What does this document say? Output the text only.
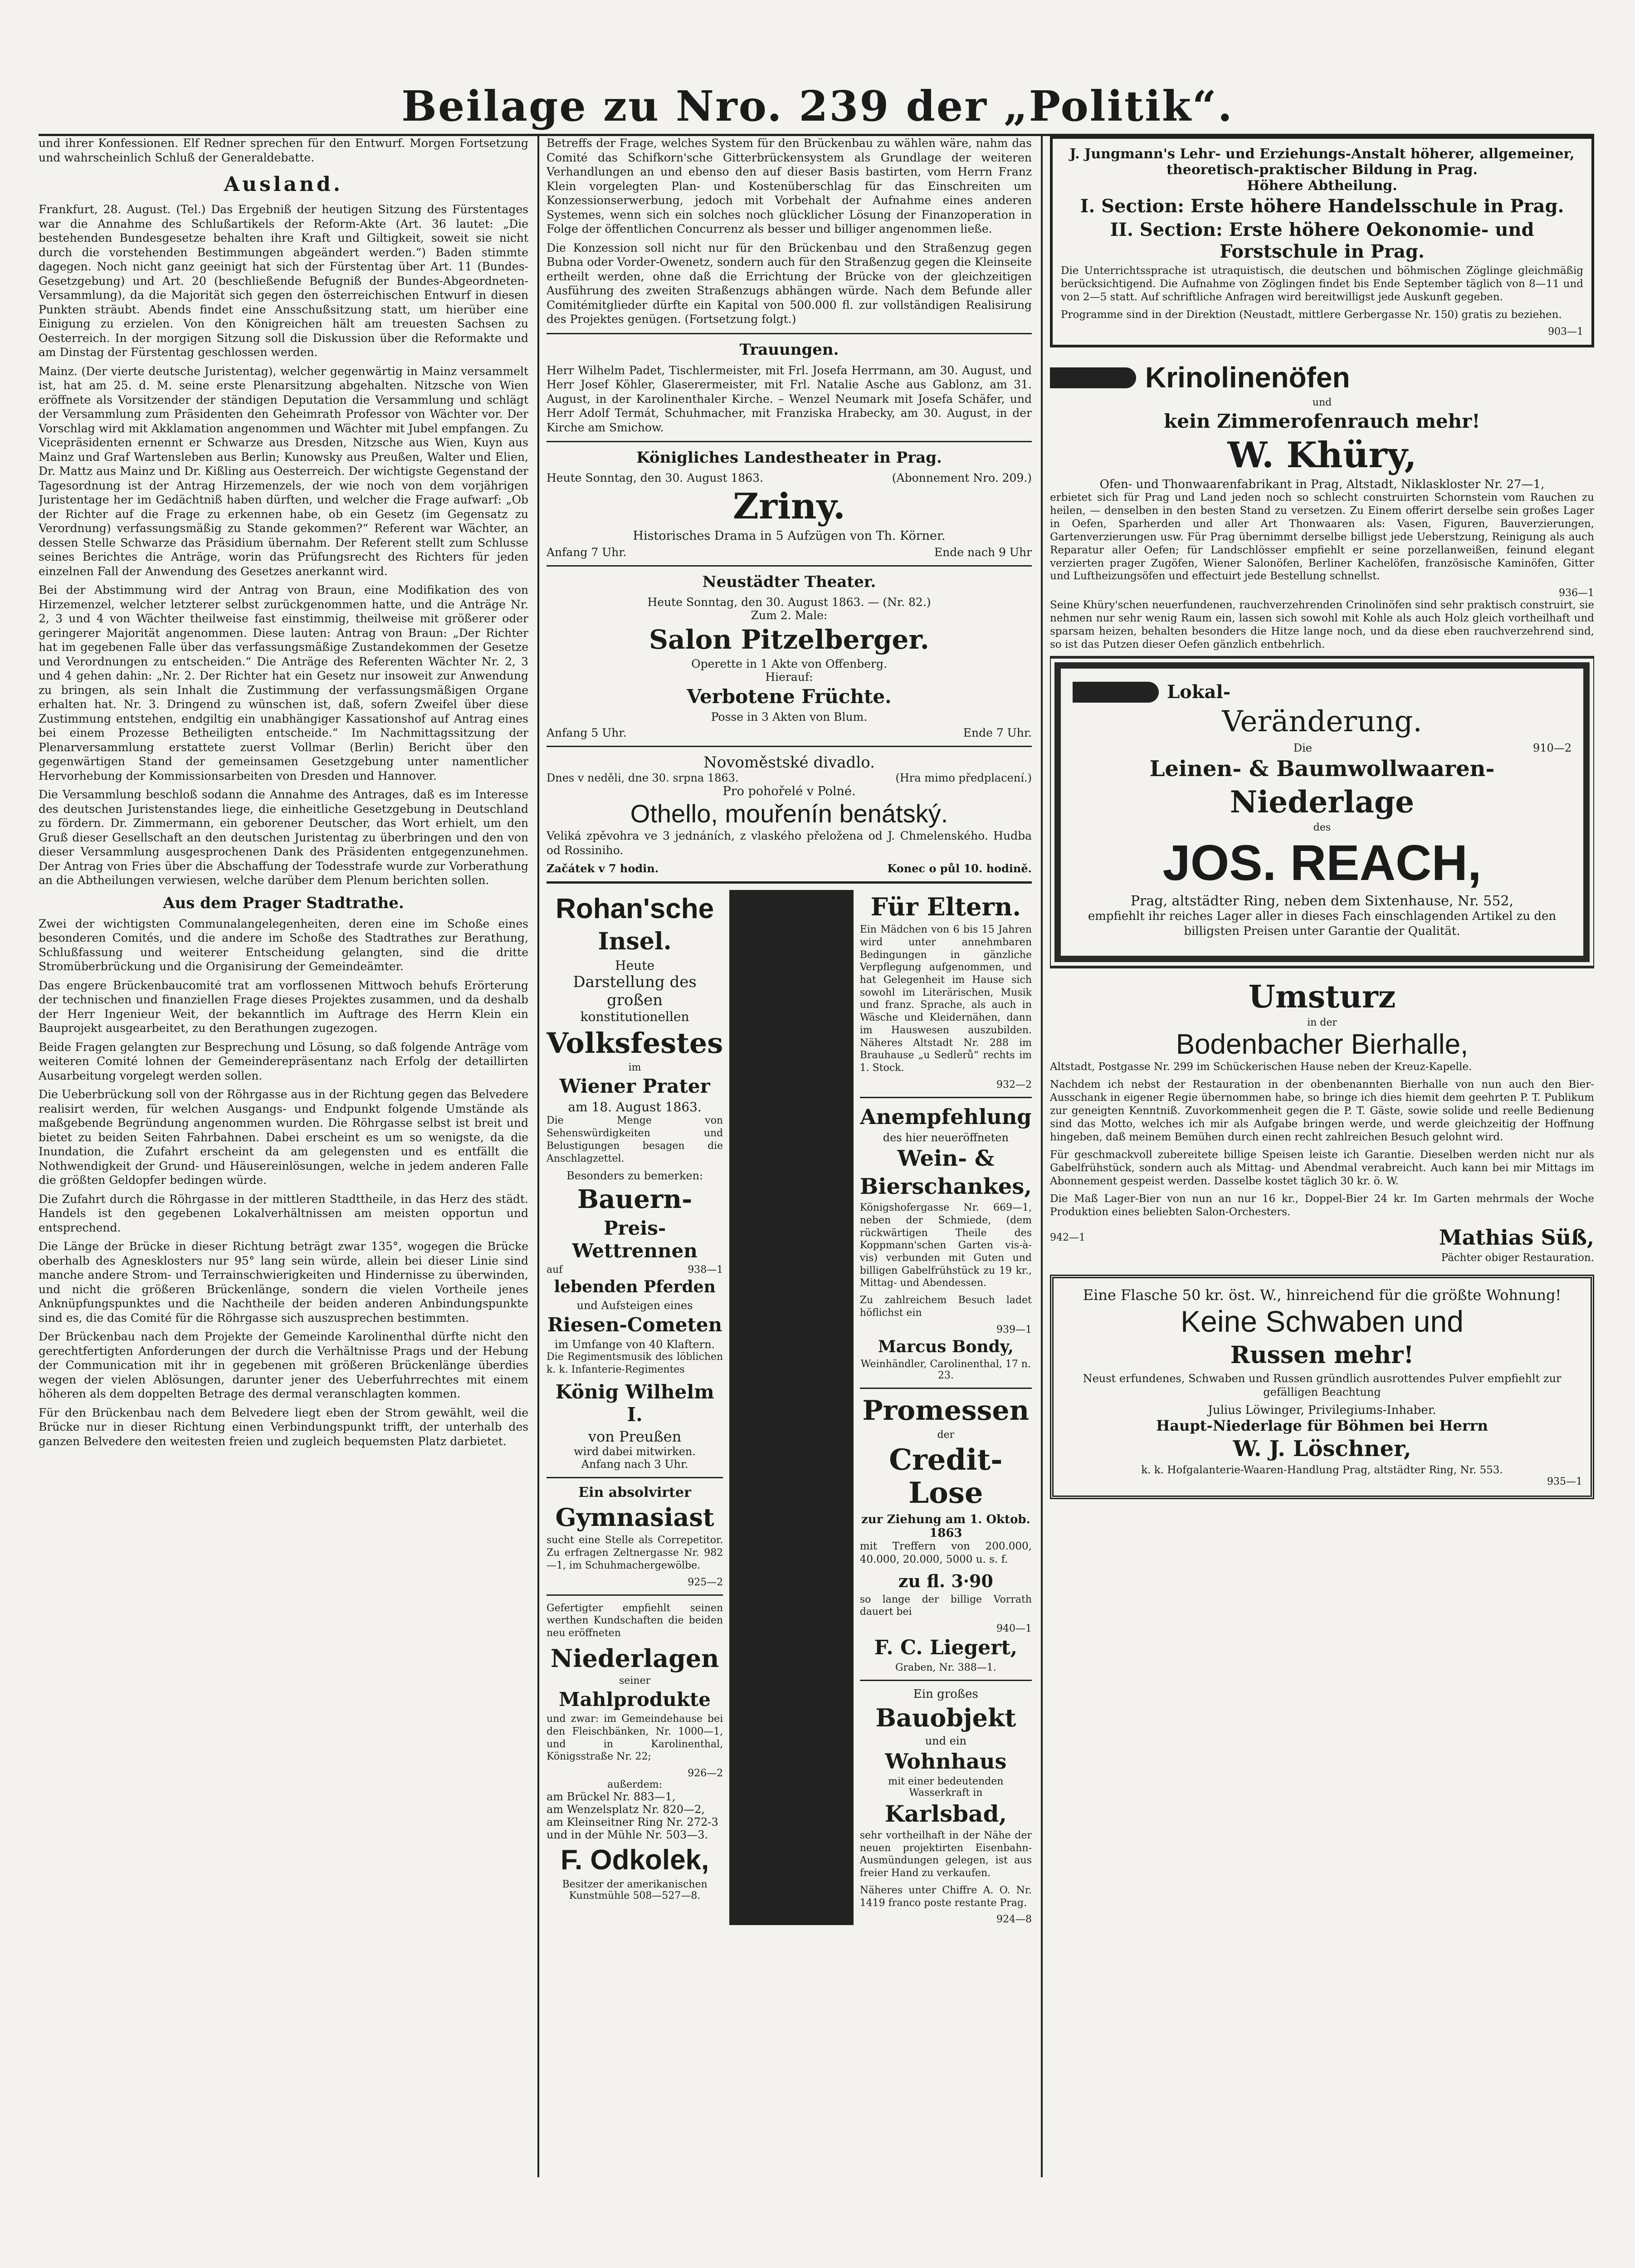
Beilage zu Nro. 239 der „Politik“.

und ihrer Konfessionen. Elf Redner sprechen für den Entwurf. Morgen Fortsetzung und wahrscheinlich Schluß der Generaldebatte.

Ausland.

Frankfurt, 28. August. (Tel.) Das Ergebniß der heutigen Sitzung des Fürstentages war die Annahme des Schlußartikels der Reform-Akte (Art. 36 lautet: „Die bestehenden Bundesgesetze behalten ihre Kraft und Giltigkeit, soweit sie nicht durch die vorstehenden Bestimmungen abgeändert werden.“) Baden stimmte dagegen. Noch nicht ganz geeinigt hat sich der Fürstentag über Art. 11 (Bundes-Gesetzgebung) und Art. 20 (beschließende Befugniß der Bundes-Abgeordneten-Versammlung), da die Majorität sich gegen den österreichischen Entwurf in diesen Punkten sträubt. Abends findet eine Ansschußsitzung statt, um hierüber eine Einigung zu erzielen. Von den Königreichen hält am treuesten Sachsen zu Oesterreich. In der morgigen Sitzung soll die Diskussion über die Reformakte und am Dinstag der Fürstentag geschlossen werden.

Mainz. (Der vierte deutsche Juristentag), welcher gegenwärtig in Mainz versammelt ist, hat am 25. d. M. seine erste Plenarsitzung abgehalten. Nitzsche von Wien eröffnete als Vorsitzender der ständigen Deputation die Versammlung und schlägt der Versammlung zum Präsidenten den Geheimrath Professor von Wächter vor. Der Vorschlag wird mit Akklamation angenommen und Wächter mit Jubel empfangen. Zu Vicepräsidenten ernennt er Schwarze aus Dresden, Nitzsche aus Wien, Kuyn aus Mainz und Graf Wartensleben aus Berlin; Kunowsky aus Preußen, Walter und Elien, Dr. Mattz aus Mainz und Dr. Kißling aus Oesterreich. Der wichtigste Gegenstand der Tagesordnung ist der Antrag Hirzemenzels, der wie noch von dem vorjährigen Juristentage her im Gedächtniß haben dürften, und welcher die Frage aufwarf: „Ob der Richter auf die Frage zu erkennen habe, ob ein Gesetz (im Gegensatz zu Verordnung) verfassungsmäßig zu Stande gekommen?“ Referent war Wächter, an dessen Stelle Schwarze das Präsidium übernahm. Der Referent stellt zum Schlusse seines Berichtes die Anträge, worin das Prüfungsrecht des Richters für jeden einzelnen Fall der Anwendung des Gesetzes anerkannt wird.

Bei der Abstimmung wird der Antrag von Braun, eine Modifikation des von Hirzemenzel, welcher letzterer selbst zurückgenommen hatte, und die Anträge Nr. 2, 3 und 4 von Wächter theilweise fast einstimmig, theilweise mit größerer oder geringerer Majorität angenommen. Diese lauten: Antrag von Braun: „Der Richter hat im gegebenen Falle über das verfassungsmäßige Zustandekommen der Gesetze und Verordnungen zu entscheiden.“ Die Anträge des Referenten Wächter Nr. 2, 3 und 4 gehen dahin: „Nr. 2. Der Richter hat ein Gesetz nur insoweit zur Anwendung zu bringen, als sein Inhalt die Zustimmung der verfassungsmäßigen Organe erhalten hat. Nr. 3. Dringend zu wünschen ist, daß, sofern Zweifel über diese Zustimmung entstehen, endgiltig ein unabhängiger Kassationshof auf Antrag eines bei einem Prozesse Betheiligten entscheide.“ Im Nachmittagssitzung der Plenarversammlung erstattete zuerst Vollmar (Berlin) Bericht über den gegenwärtigen Stand der gemeinsamen Gesetzgebung unter namentlicher Hervorhebung der Kommissionsarbeiten von Dresden und Hannover.

Die Versammlung beschloß sodann die Annahme des Antrages, daß es im Interesse des deutschen Juristenstandes liege, die einheitliche Gesetzgebung in Deutschland zu fördern. Dr. Zimmermann, ein geborener Deutscher, das Wort erhielt, um den Gruß dieser Gesellschaft an den deutschen Juristentag zu überbringen und den von dieser Versammlung ausgesprochenen Dank des Präsidenten entgegenzunehmen. Der Antrag von Fries über die Abschaffung der Todesstrafe wurde zur Vorberathung an die Abtheilungen verwiesen, welche darüber dem Plenum berichten sollen.

Aus dem Prager Stadtrathe.

Zwei der wichtigsten Communalangelegenheiten, deren eine im Schoße eines besonderen Comités, und die andere im Schoße des Stadtrathes zur Berathung, Schlußfassung und weiterer Entscheidung gelangten, sind die dritte Stromüberbrückung und die Organisirung der Gemeindeämter.

Das engere Brückenbaucomité trat am vorflossenen Mittwoch behufs Erörterung der technischen und finanziellen Frage dieses Projektes zusammen, und da deshalb der Herr Ingenieur Weit, der bekanntlich im Auftrage des Herrn Klein ein Bauprojekt ausgearbeitet, zu den Berathungen zugezogen.

Beide Fragen gelangten zur Besprechung und Lösung, so daß folgende Anträge vom weiteren Comité lohnen der Gemeinderepräsentanz nach Erfolg der detaillirten Ausarbeitung vorgelegt werden sollen.

Die Ueberbrückung soll von der Röhrgasse aus in der Richtung gegen das Belvedere realisirt werden, für welchen Ausgangs- und Endpunkt folgende Umstände als maßgebende Begründung angenommen wurden. Die Röhrgasse selbst ist breit und bietet zu beiden Seiten Fahrbahnen. Dabei erscheint es um so wenigste, da die Inundation, die Zufahrt erscheint da am gelegensten und es entfällt die Nothwendigkeit der Grund- und Häusereinlösungen, welche in jedem anderen Falle die größten Geldopfer bedingen würde.

Die Zufahrt durch die Röhrgasse in der mittleren Stadttheile, in das Herz des städt. Handels ist den gegebenen Lokalverhältnissen am meisten opportun und entsprechend.

Die Länge der Brücke in dieser Richtung beträgt zwar 135°, wogegen die Brücke oberhalb des Agnesklosters nur 95° lang sein würde, allein bei dieser Linie sind manche andere Strom- und Terrainschwierigkeiten und Hindernisse zu überwinden, und nicht die größeren Brückenlänge, sondern die vielen Vortheile jenes Anknüpfungspunktes und die Nachtheile der beiden anderen Anbindungspunkte sind es, die das Comité für die Röhrgasse sich auszusprechen bestimmten.

Der Brückenbau nach dem Projekte der Gemeinde Karolinenthal dürfte nicht den gerechtfertigten Anforderungen der durch die Verhältnisse Prags und der Hebung der Communication mit ihr in gegebenen mit größeren Brückenlänge überdies wegen der vielen Ablösungen, darunter jener des Ueberfuhrrechtes mit einem höheren als dem doppelten Betrage des dermal veranschlagten kommen.

Für den Brückenbau nach dem Belvedere liegt eben der Strom gewählt, weil die Brücke nur in dieser Richtung einen Verbindungspunkt trifft, der unterhalb des ganzen Belvedere den weitesten freien und zugleich bequemsten Platz darbietet.

Betreffs der Frage, welches System für den Brückenbau zu wählen wäre, nahm das Comité das Schifkorn'sche Gitterbrückensystem als Grundlage der weiteren Verhandlungen an und ebenso den auf dieser Basis bastirten, vom Herrn Franz Klein vorgelegten Plan- und Kostenüberschlag für das Einschreiten um Konzessionserwerbung, jedoch mit Vorbehalt der Aufnahme eines anderen Systemes, wenn sich ein solches noch glücklicher Lösung der Finanzoperation in Folge der öffentlichen Concurrenz als besser und billiger angenommen ließe.

Die Konzession soll nicht nur für den Brückenbau und den Straßenzug gegen Bubna oder Vorder-Owenetz, sondern auch für den Straßenzug gegen die Kleinseite ertheilt werden, ohne daß die Errichtung der Brücke von der gleichzeitigen Ausführung des zweiten Straßenzugs abhängen würde. Nach dem Befunde aller Comitémitglieder dürfte ein Kapital von 500.000 fl. zur vollständigen Realisirung des Projektes genügen. (Fortsetzung folgt.)

Trauungen.

Herr Wilhelm Padet, Tischlermeister, mit Frl. Josefa Herrmann, am 30. August, und Herr Josef Köhler, Glaserermeister, mit Frl. Natalie Asche aus Gablonz, am 31. August, in der Karolinenthaler Kirche. – Wenzel Neumark mit Josefa Schäfer, und Herr Adolf Termát, Schuhmacher, mit Franziska Hrabecky, am 30. August, in der Kirche am Smichow.

Königliches Landestheater in Prag.
Heute Sonntag, den 30. August 1863.	(Abonnement Nro. 209.)
Zriny.
Historisches Drama in 5 Aufzügen von Th. Körner.
Anfang 7 Uhr.	Ende nach 9 Uhr
Neustädter Theater.
Heute Sonntag, den 30. August 1863. — (Nr. 82.)
Zum 2. Male:
Salon Pitzelberger.
Operette in 1 Akte von Offenberg.
Hierauf:
Verbotene Früchte.
Posse in 3 Akten von Blum.
Anfang 5 Uhr.	Ende 7 Uhr.
Novoměstské divadlo.
Dnes v neděli, dne 30. srpna 1863.	(Hra mimo předplacení.)
Pro pohořelé v Polné.
Othello, mouřenín benátský.

Veliká zpěvohra ve 3 jednáních, z vlaského přeložena od J. Chmelenského. Hudba od Rossiniho.

Začátek v 7 hodin.	Konec o půl 10. hodině.
Rohan'sche
Insel.
Heute
Darstellung des großen
konstitutionellen
Volksfestes
im
Wiener Prater
am 18. August 1863.

Die Menge von Sehenswürdigkeiten und Belustigungen besagen die Anschlagzettel.

Besonders zu bemerken:
Bauern-
Preis-Wettrennen
auf	938—1
lebenden Pferden
und Aufsteigen eines
Riesen-Cometen
im Umfange von 40 Klaftern.

Die Regimentsmusik des löblichen k. k. Infanterie-Regimentes

König Wilhelm I.
von Preußen
wird dabei mitwirken.
Anfang nach 3 Uhr.
Ein absolvirter
Gymnasiast

sucht eine Stelle als Correpetitor. Zu erfragen Zeltnergasse Nr. 982—1, im Schuhmachergewölbe.

925—2

Gefertigter empfiehlt seinen werthen Kundschaften die beiden neu eröffneten

Niederlagen
seiner
Mahlprodukte

und zwar: im Gemeindehause bei den Fleischbänken, Nr. 1000—1, und in Karolinenthal, Königsstraße Nr. 22;

926—2
außerdem:
am Brückel Nr. 883—1,
am Wenzelsplatz Nr. 820—2,
am Kleinseitner Ring Nr. 272-3 und in der Mühle Nr. 503—3.
F. Odkolek,
Besitzer der amerikanischen Kunstmühle 508—527—8.
Für Eltern.

Ein Mädchen von 6 bis 15 Jahren wird unter annehmbaren Bedingungen in gänzliche Verpflegung aufgenommen, und hat Gelegenheit im Hause sich sowohl im Literärischen, Musik und franz. Sprache, als auch in Wäsche und Kleidernähen, dann im Hauswesen auszubilden. Näheres Altstadt Nr. 288 im Brauhause „u Sedlerů“ rechts im 1. Stock.

932—2
Anempfehlung
des hier neueröffneten
Wein- &
Bierschankes,

Königshofergasse Nr. 669—1, neben der Schmiede, (dem rückwärtigen Theile des Koppmann'schen Garten vis-à-vis) verbunden mit Guten und billigen Gabelfrühstück zu 19 kr., Mittag- und Abendessen.

Zu zahlreichem Besuch ladet höflichst ein

939—1
Marcus Bondy,
Weinhändler, Carolinenthal, 17 n. 23.
Promessen
der
Credit-Lose
zur Ziehung am 1. Oktob. 1863

mit Treffern von 200.000, 40.000, 20.000, 5000 u. s. f.

zu fl. 3·90

so lange der billige Vorrath dauert bei

940—1
F. C. Liegert,
Graben, Nr. 388—1.
Ein großes
Bauobjekt
und ein
Wohnhaus
mit einer bedeutenden Wasserkraft in
Karlsbad,

sehr vortheilhaft in der Nähe der neuen projektirten Eisenbahn-Ausmündungen gelegen, ist aus freier Hand zu verkaufen.

Näheres unter Chiffre A. O. Nr. 1419 franco poste restante Prag.

924—8
J. Jungmann's Lehr- und Erziehungs-Anstalt höherer, allgemeiner, theoretisch-praktischer Bildung in Prag.
Höhere Abtheilung.
I. Section: Erste höhere Handelsschule in Prag.
II. Section: Erste höhere Oekonomie- und Forstschule in Prag.

Die Unterrichtssprache ist utraquistisch, die deutschen und böhmischen Zöglinge gleichmäßig berücksichtigend. Die Aufnahme von Zöglingen findet bis Ende September täglich von 8—11 und von 2—5 statt. Auf schriftliche Anfragen wird bereitwilligst jede Auskunft gegeben.

Programme sind in der Direktion (Neustadt, mittlere Gerbergasse Nr. 150) gratis zu beziehen.

903—1
Krinolinenöfen
und
kein Zimmerofenrauch mehr!
W. Khüry,
Ofen- und Thonwaarenfabrikant in Prag, Altstadt, Niklaskloster Nr. 27—1,

erbietet sich für Prag und Land jeden noch so schlecht construirten Schornstein vom Rauchen zu heilen, — denselben in den besten Stand zu versetzen. Zu Einem offerirt derselbe sein großes Lager in Oefen, Sparherden und aller Art Thonwaaren als: Vasen, Figuren, Bauverzierungen, Gartenverzierungen usw. Für Prag übernimmt derselbe billigst jede Ueberstzung, Reinigung als auch Reparatur aller Oefen; für Landschlösser empfiehlt er seine porzellanweißen, feinund elegant verzierten prager Zugöfen, Wiener Salonöfen, Berliner Kachelöfen, französische Kaminöfen, Gitter und Luftheizungsöfen und effectuirt jede Bestellung schnellst.

936—1

Seine Khüry'schen neuerfundenen, rauchverzehrenden Crinolinöfen sind sehr praktisch construirt, sie nehmen nur sehr wenig Raum ein, lassen sich sowohl mit Kohle als auch Holz gleich vortheilhaft und sparsam heizen, behalten besonders die Hitze lange noch, und da diese eben rauchverzehrend sind, so ist das Putzen dieser Oefen gänzlich entbehrlich.

Lokal-
Veränderung.
Die	910—2
Leinen- & Baumwollwaaren-
Niederlage
des
JOS. REACH,
Prag, altstädter Ring, neben dem Sixtenhause, Nr. 552,

empfiehlt ihr reiches Lager aller in dieses Fach einschlagenden Artikel zu den billigsten Preisen unter Garantie der Qualität.

Umsturz
in der
Bodenbacher Bierhalle,

Altstadt, Postgasse Nr. 299 im Schückerischen Hause neben der Kreuz-Kapelle.

Nachdem ich nebst der Restauration in der obenbenannten Bierhalle von nun auch den Bier-Ausschank in eigener Regie übernommen habe, so bringe ich dies hiemit dem geehrten P. T. Publikum zur geneigten Kenntniß. Zuvorkommenheit gegen die P. T. Gäste, sowie solide und reelle Bedienung sind das Motto, welches ich mir als Aufgabe bringen werde, und werde gleichzeitig der Hoffnung hingeben, daß meinem Bemühen durch einen recht zahlreichen Besuch gelohnt wird.

Für geschmackvoll zubereitete billige Speisen leiste ich Garantie. Dieselben werden nicht nur als Gabelfrühstück, sondern auch als Mittag- und Abendmal verabreicht. Auch kann bei mir Mittags im Abonnement gespeist werden. Dasselbe kostet täglich 30 kr. ö. W.

Die Maß Lager-Bier von nun an nur 16 kr., Doppel-Bier 24 kr. Im Garten mehrmals der Woche Produktion eines beliebten Salon-Orchesters.

942—1	Mathias Süß,
Pächter obiger Restauration.
Eine Flasche 50 kr. öst. W., hinreichend für die größte Wohnung!
Keine Schwaben und
Russen mehr!

Neust erfundenes, Schwaben und Russen gründlich ausrottendes Pulver empfiehlt zur gefälligen Beachtung

Julius Löwinger, Privilegiums-Inhaber.
Haupt-Niederlage für Böhmen bei Herrn
W. J. Löschner,
k. k. Hofgalanterie-Waaren-Handlung Prag, altstädter Ring, Nr. 553.
935—1
